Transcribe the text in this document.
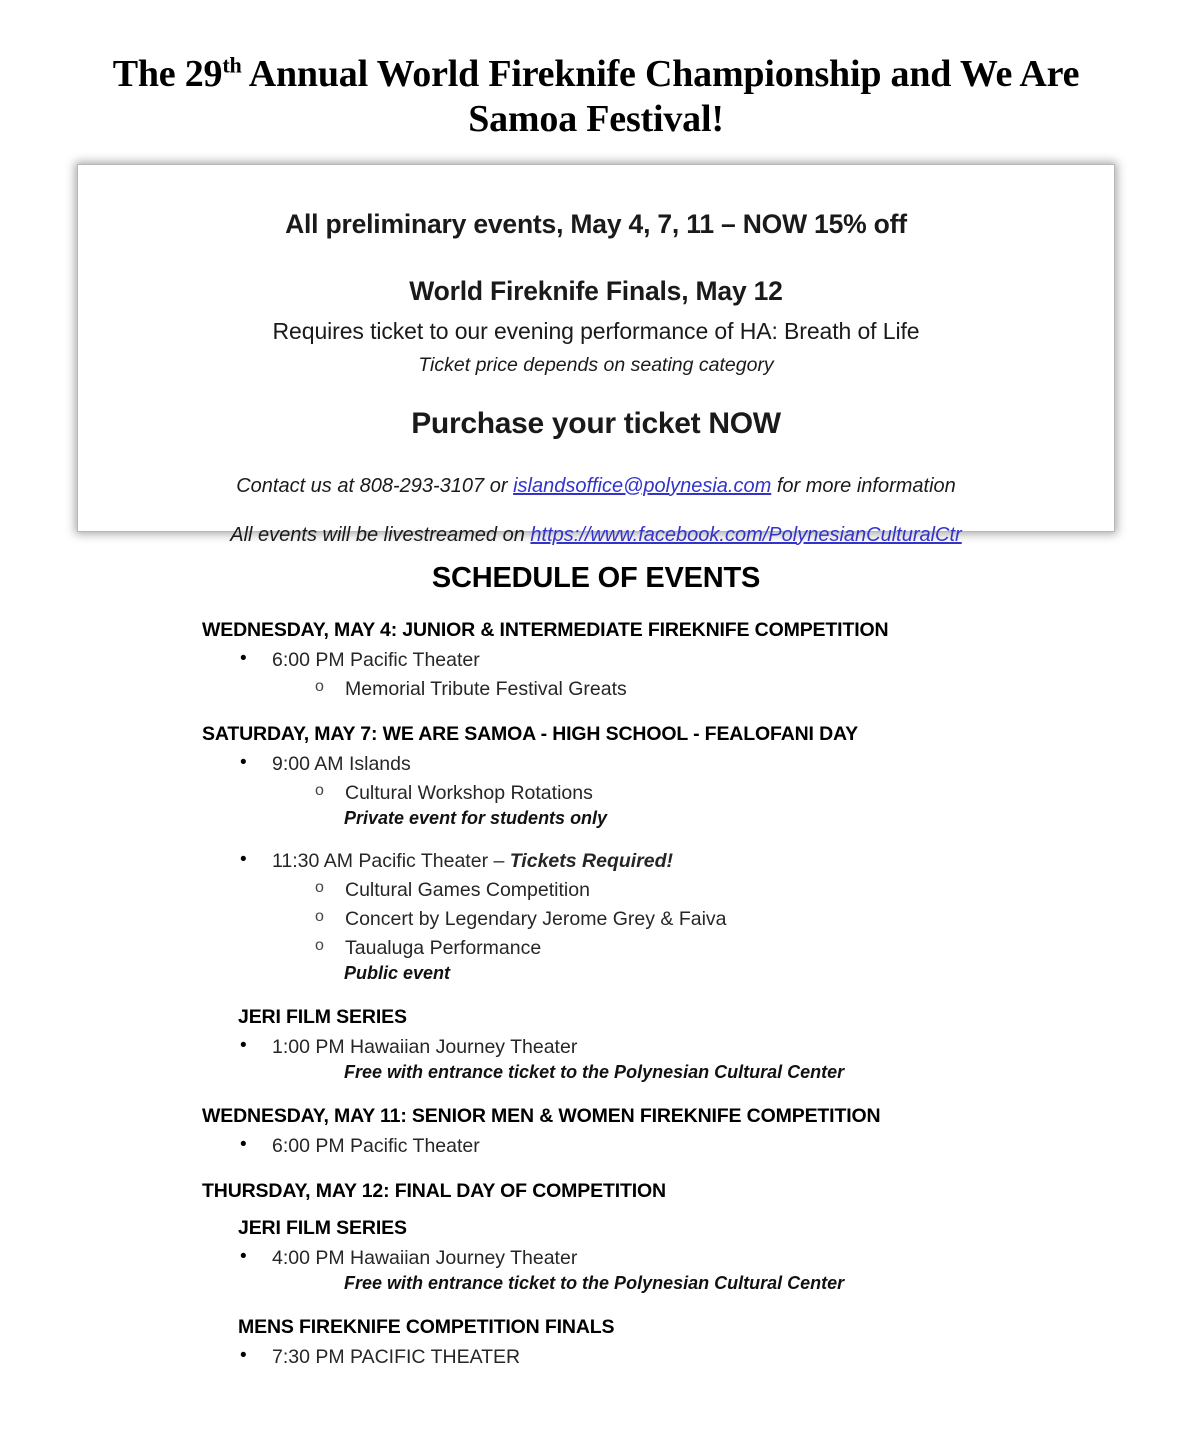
The 29th Annual World Fireknife Championship and We Are Samoa Festival!

All preliminary events, May 4, 7, 11 – NOW 15% off

World Fireknife Finals, May 12

Requires ticket to our evening performance of HA: Breath of Life

Ticket price depends on seating category

Purchase your ticket NOW

Contact us at 808-293-3107 or islandsoffice@polynesia.com for more information

All events will be livestreamed on https://www.facebook.com/PolynesianCulturalCtr

SCHEDULE OF EVENTS

WEDNESDAY, MAY 4: JUNIOR & INTERMEDIATE FIREKNIFE COMPETITION

• 6:00 PM Pacific Theater

o Memorial Tribute Festival Greats

SATURDAY, MAY 7: WE ARE SAMOA - HIGH SCHOOL - FEALOFANI DAY

• 9:00 AM Islands

o Cultural Workshop Rotations

Private event for students only

• 11:30 AM Pacific Theater – Tickets Required!

o Cultural Games Competition

o Concert by Legendary Jerome Grey & Faiva

o Taualuga Performance

Public event

JERI FILM SERIES

• 1:00 PM Hawaiian Journey Theater

Free with entrance ticket to the Polynesian Cultural Center

WEDNESDAY, MAY 11: SENIOR MEN & WOMEN FIREKNIFE COMPETITION

• 6:00 PM Pacific Theater

THURSDAY, MAY 12: FINAL DAY OF COMPETITION

JERI FILM SERIES

• 4:00 PM Hawaiian Journey Theater

Free with entrance ticket to the Polynesian Cultural Center

MENS FIREKNIFE COMPETITION FINALS

• 7:30 PM PACIFIC THEATER
